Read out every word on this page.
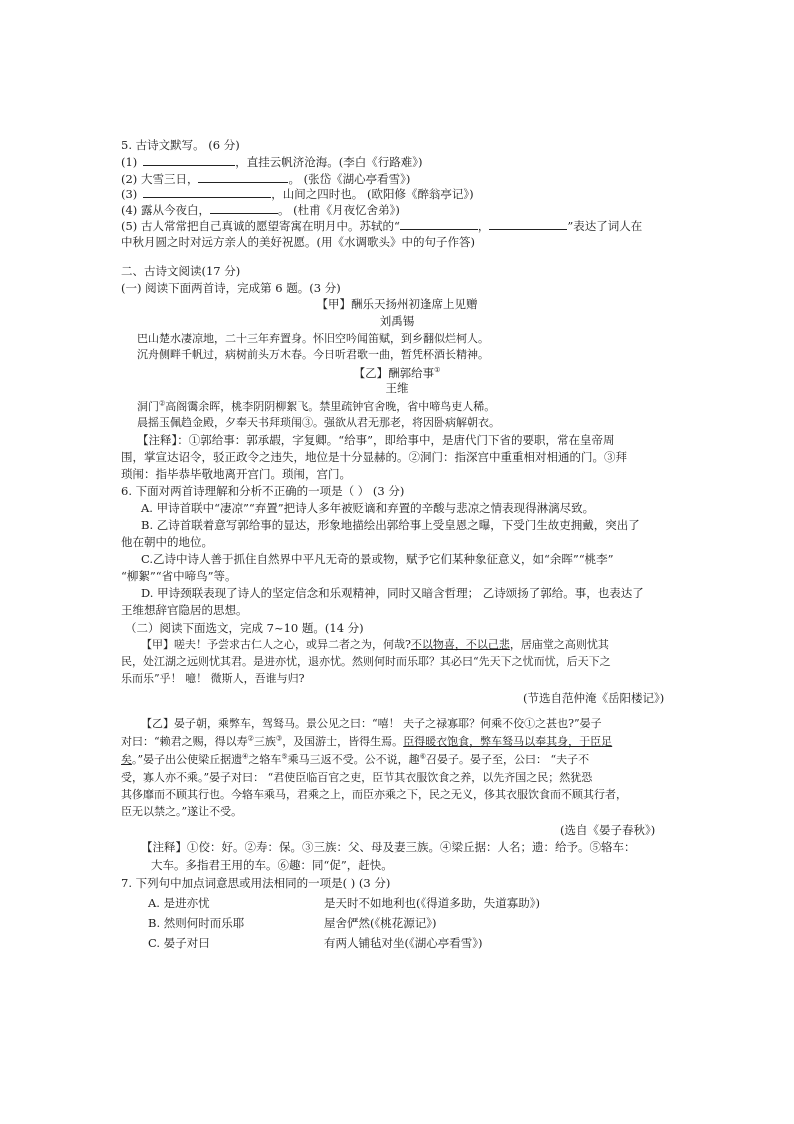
5. 古诗文默写。 (6 分)
(1)	，直挂云帆济沧海。(李白《行路难》)
(2) 大雪三日，	。 (张岱《湖心亭看雪》)
(3)	，山间之四时也。 (欧阳修《醉翁亭记》)
(4) 露从今夜白，	。 (杜甫《月夜忆舍弟》)
(5) 古人常常把自己真诚的愿望寄寓在明月中。苏轼的“	，	”表达了词人在
中秋月圆之时对远方亲人的美好祝愿。(用《水调歌头》中的句子作答)
二、古诗文阅读(17 分)
(一) 阅读下面两首诗，完成第 6 题。(3 分)
【甲】酬乐天扬州初逢席上见赠
刘禹锡
巴山楚水凄凉地，二十三年弃置身。怀旧空吟闻笛赋，到乡翻似烂柯人。
沉舟侧畔千帆过，病树前头万木春。今日听君歌一曲，暂凭杯酒长精神。
【乙】酬郭给事①
王维
洞门②高阁霭余晖，桃李阴阴柳絮飞。禁里疏钟官舍晚，省中啼鸟吏人稀。
晨摇玉佩趋金殿，夕奉天书拜琐闱③。强欲从君无那老，将因卧病解朝衣。
【注释】：①郭给事：郭承嘏，字复卿。“给事”，即给事中，是唐代门下省的要职，常在皇帝周
围，掌宣达诏令，驳正政令之违失，地位是十分显赫的。②洞门：指深宫中重重相对相通的门。③拜
琐闱：指毕恭毕敬地离开宫门。琐闱，宫门。
6. 下面对两首诗理解和分析不正确的一项是（ ） (3 分)
A. 甲诗首联中“凄凉”“弃置”把诗人多年被贬谪和弃置的辛酸与悲凉之情表现得淋漓尽致。
B. 乙诗首联着意写郭给事的显达，形象地描绘出郭给事上受皇恩之曝，下受门生故吏拥戴，突出了
他在朝中的地位。
C.乙诗中诗人善于抓住自然界中平凡无奇的景或物，赋予它们某种象征意义，如“余晖”“桃李”
“柳絮”“省中啼鸟”等。
D. 甲诗颈联表现了诗人的坚定信念和乐观精神，同时又暗含哲理； 乙诗颂扬了郭给。事，也表达了
王维想辞官隐居的思想。
（二）阅读下面选文，完成 7~10 题。(14 分)
【甲】嗟夫！予尝求古仁人之心，或异二者之为，何哉?不以物喜，不以己悲，居庙堂之高则忧其
民，处江湖之远则忧其君。是进亦忧，退亦忧。然则何时而乐耶？其必曰“先天下之忧而忧，后天下之
乐而乐”乎！ 噫！ 微斯人，吾谁与归?
(节选自范仲淹《岳阳楼记》)
【乙】晏子朝，乘弊车，驾驽马。景公见之曰：“嘻！ 夫子之禄寡耶？何乘不佼①之甚也?”晏子
对曰：“赖君之赐，得以寿②三族③，及国游士，皆得生焉。臣得暖衣饱食，弊车驽马以奉其身，于臣足
矣。”晏子出公使梁丘据遗④之辂车⑤乘马三返不受。公不说，趣⑥召晏子。晏子至，公曰： “夫子不
受，寡人亦不乘。”晏子对曰： “君使臣临百官之吏，臣节其衣服饮食之养，以先齐国之民；然犹恐
其侈靡而不顾其行也。今辂车乘马，君乘之上，而臣亦乘之下，民之无义，侈其衣服饮食而不顾其行者，
臣无以禁之。”遂让不受。
(选自《晏子春秋》)
【注释】①佼：好。②寿：保。③三族：父、母及妻三族。④梁丘据：人名；遗：给予。⑤辂车：
大车。多指君王用的车。⑥趣：同“促”，赶快。
7. 下列句中加点词意思或用法相同的一项是( ) (3 分)
A. 是进亦忧	是天时不如地利也(《得道多助，失道寡助》)
B. 然则何时而乐耶	屋舍俨然(《桃花源记》)
C. 晏子对曰	有两人铺毡对坐(《湖心亭看雪》)
